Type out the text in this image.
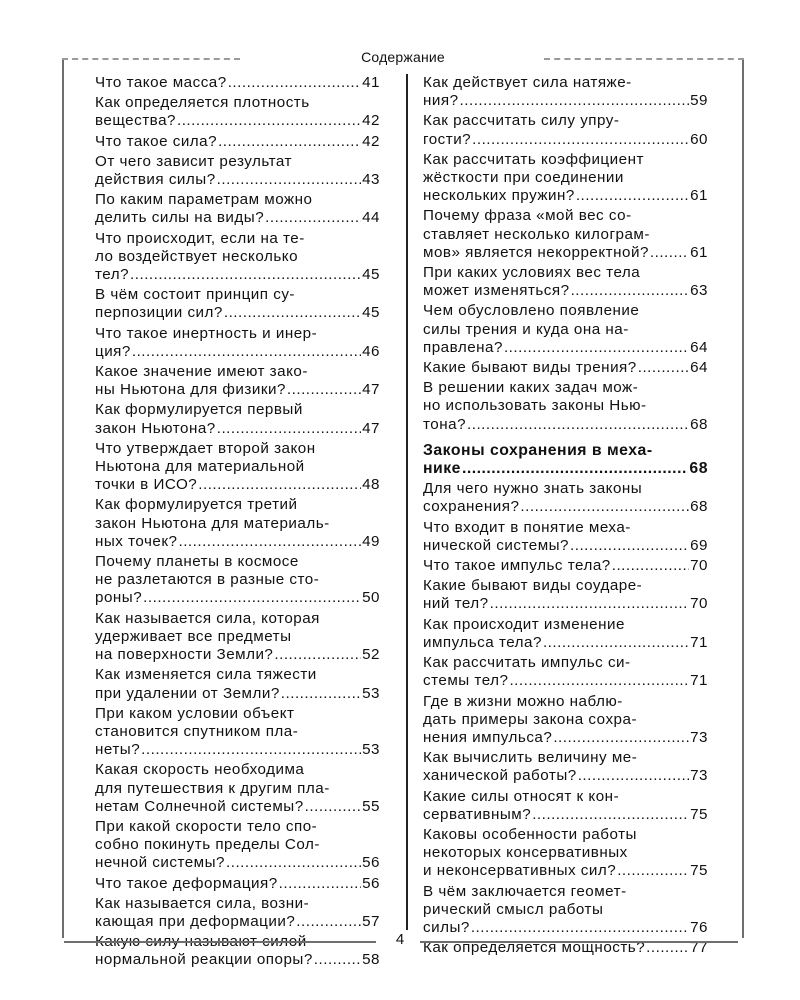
Содержание
Что такое масса? .....	41
Как определяется плотность
вещества? .....	42
Что такое сила? .....	42
От чего зависит результат
действия силы? .....	43
По каким параметрам можно
делить силы на виды? .....	44
Что происходит, если на те-
ло воздействует несколько
тел? .....	45
В чём состоит принцип су-
перпозиции сил? .....	45
Что такое инертность и инер-
ция? .....	46
Какое значение имеют зако-
ны Ньютона для физики? .....	47
Как формулируется первый
закон Ньютона? .....	47
Что утверждает второй закон
Ньютона для материальной
точки в ИСО? .....	48
Как формулируется третий
закон Ньютона для материаль-
ных точек? .....	49
Почему планеты в космосе
не разлетаются в разные сто-
роны? .....	50
Как называется сила, которая
удерживает все предметы
на поверхности Земли? .....	52
Как изменяется сила тяжести
при удалении от Земли? .....	53
При каком условии объект
становится спутником пла-
неты? .....	53
Какая скорость необходима
для путешествия к другим пла-
нетам Солнечной системы? .....	55
При какой скорости тело спо-
собно покинуть пределы Сол-
нечной системы? .....	56
Что такое деформация? .....	56
Как называется сила, возни-
кающая при деформации? .....	57
Какую силу называют силой
нормальной реакции опоры? .....	58
Как действует сила натяже-
ния? .....	59
Как рассчитать силу упру-
гости? .....	60
Как рассчитать коэффициент
жёсткости при соединении
нескольких пружин? .....	61
Почему фраза «мой вес со-
ставляет несколько килограм-
мов» является некорректной? .....	61
При каких условиях вес тела
может изменяться? .....	63
Чем обусловлено появление
силы трения и куда она на-
правлена? .....	64
Какие бывают виды трения? .....	64
В решении каких задач мож-
но использовать законы Нью-
тона? .....	68
Законы сохранения в меха-
нике .....	68
Для чего нужно знать законы
сохранения? .....	68
Что входит в понятие меха-
нической системы? .....	69
Что такое импульс тела? .....	70
Какие бывают виды соударе-
ний тел? .....	70
Как происходит изменение
импульса тела? .....	71
Как рассчитать импульс си-
стемы тел? .....	71
Где в жизни можно наблю-
дать примеры закона сохра-
нения импульса? .....	73
Как вычислить величину ме-
ханической работы? .....	73
Какие силы относят к кон-
сервативным? .....	75
Каковы особенности работы
некоторых консервативных
и неконсервативных сил? .....	75
В чём заключается геомет-
рический смысл работы
силы? .....	76
Как определяется мощность? .....	77
4
